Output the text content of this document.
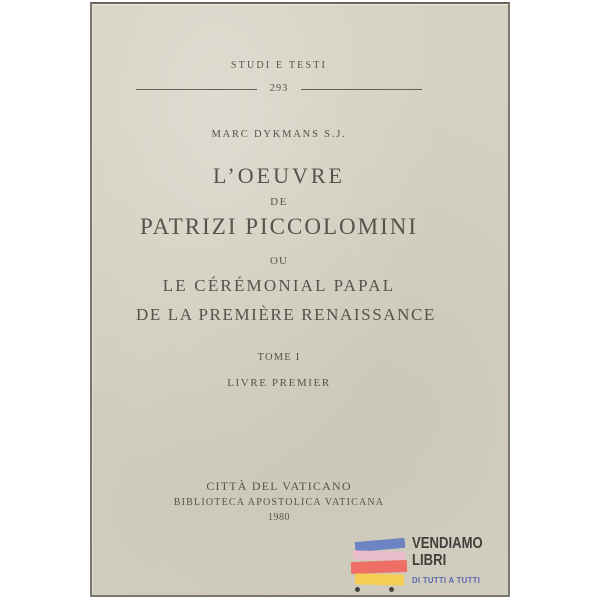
STUDI E TESTI
293
MARC DYKMANS S.J.
L’OEUVRE
DE
PATRIZI PICCOLOMINI
OU
LE CÉRÉMONIAL PAPAL
DE LA PREMIÈRE RENAISSANCE
TOME I
LIVRE PREMIER
CITTÀ DEL VATICANO
BIBLIOTECA APOSTOLICA VATICANA
1980
VENDIAMO
LIBRI
DI TUTTI A TUTTI
